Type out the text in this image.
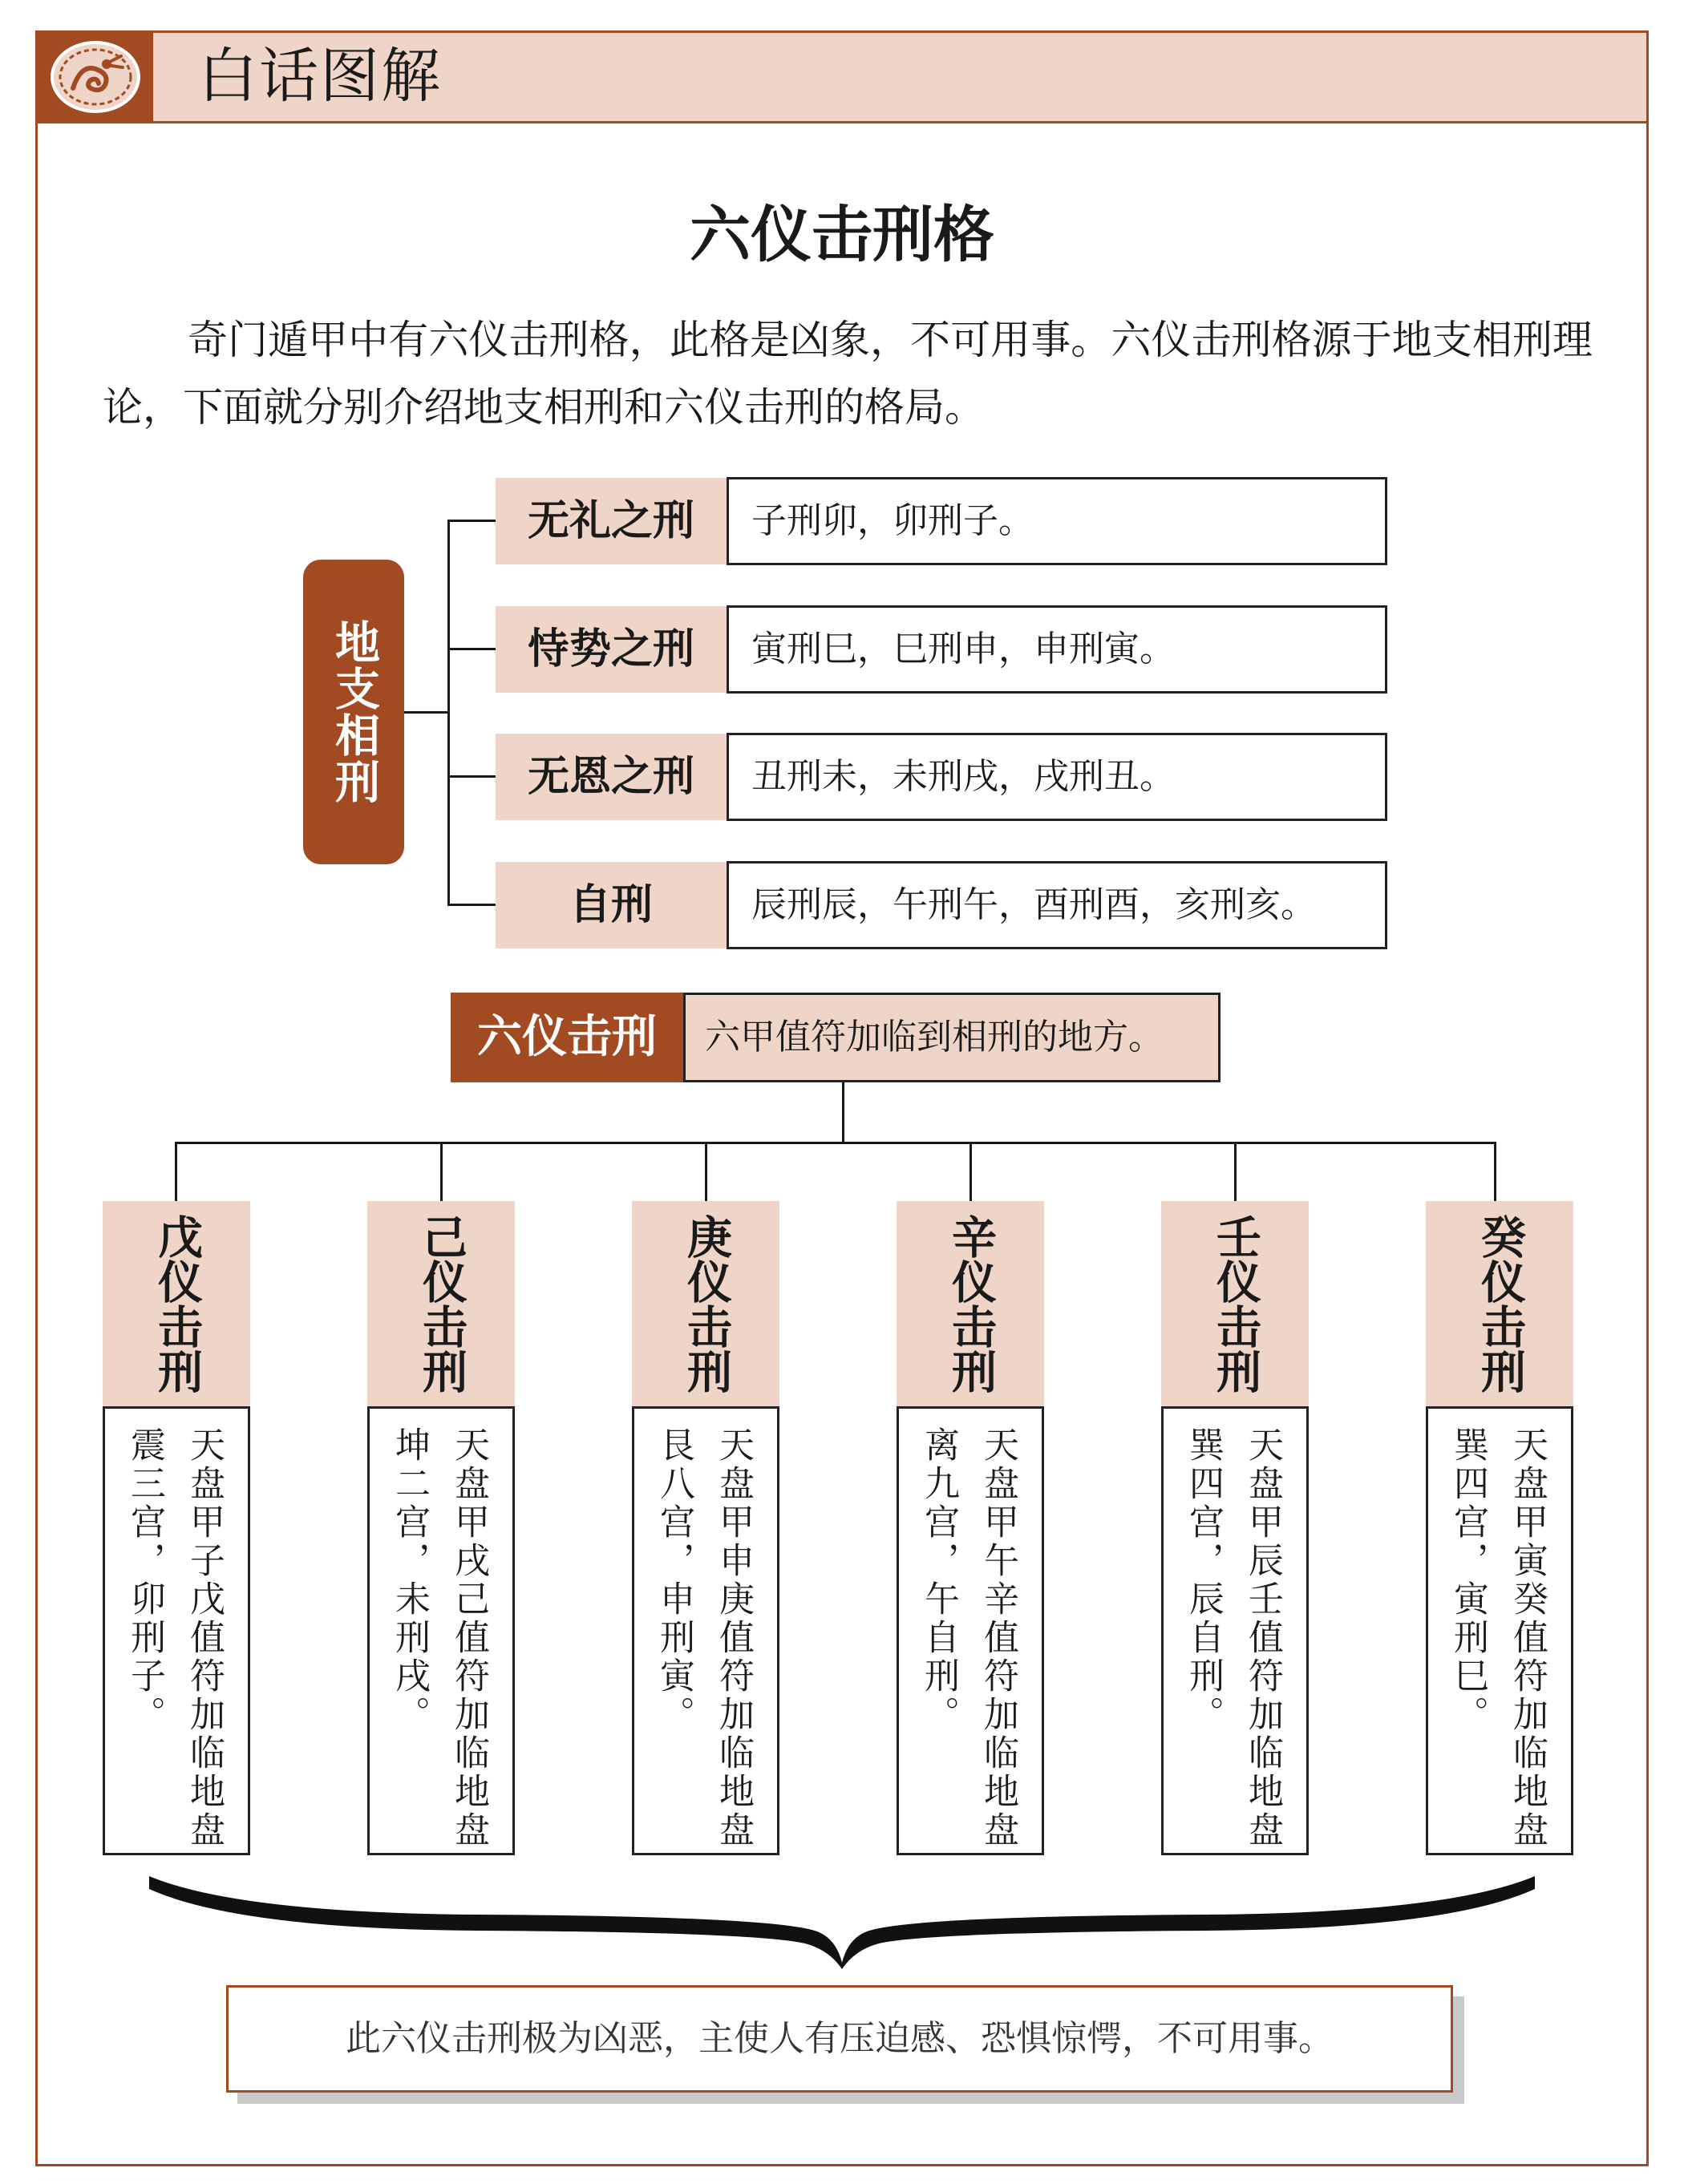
白话图解
六仪击刑格
奇门遁甲中有六仪击刑格，此格是凶象，不可用事。六仪击刑格源于地支相刑理论，下面就分别介绍地支相刑和六仪击刑的格局。
地支相刑
无礼之刑	子刑卯，卯刑子。
恃势之刑	寅刑巳，巳刑申，申刑寅。
无恩之刑	丑刑未，未刑戌，戌刑丑。
自刑	辰刑辰，午刑午，酉刑酉，亥刑亥。
六仪击刑	六甲值符加临到相刑的地方。
戊仪击刑
天盘甲子戊值符加临地盘震三宫，卯刑子。
己仪击刑
天盘甲戌己值符加临地盘坤二宫，未刑戌。
庚仪击刑
天盘甲申庚值符加临地盘艮八宫，申刑寅。
辛仪击刑
天盘甲午辛值符加临地盘离九宫，午自刑。
壬仪击刑
天盘甲辰壬值符加临地盘巽四宫，辰自刑。
癸仪击刑
天盘甲寅癸值符加临地盘巽四宫，寅刑巳。
此六仪击刑极为凶恶，主使人有压迫感、恐惧惊愕，不可用事。
